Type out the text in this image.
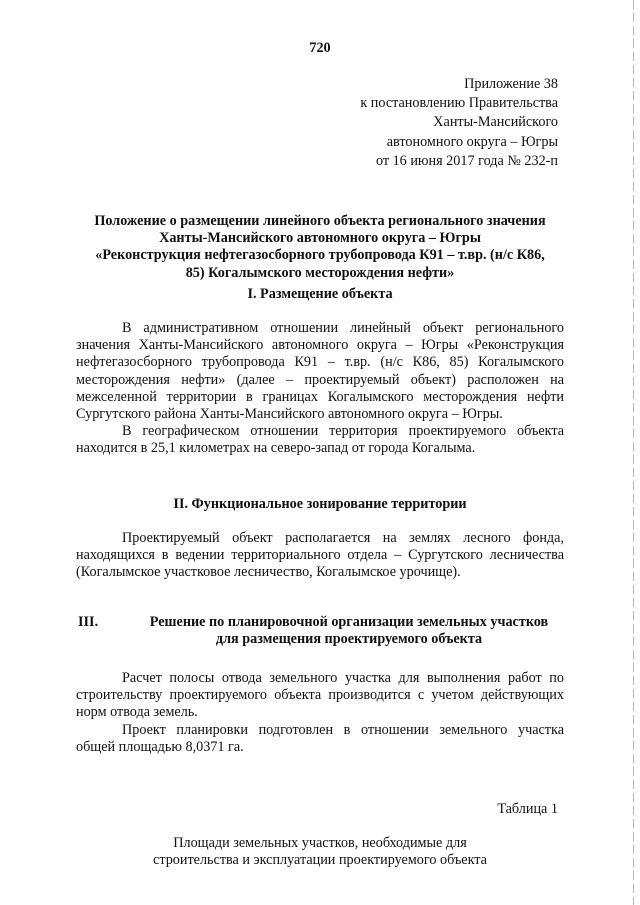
720
Приложение 38
к постановлению Правительства
Ханты-Мансийского
автономного округа – Югры
от 16 июня 2017 года № 232-п
Положение о размещении линейного объекта регионального значения
Ханты-Мансийского автономного округа – Югры
«Реконструкция нефтегазосборного трубопровода К91 – т.вр. (н/с К86,
85) Когалымского месторождения нефти»
I. Размещение объекта

В административном отношении линейный объект регионального значения Ханты-Мансийского автономного округа – Югры «Реконструкция нефтегазосборного трубопровода К91 – т.вр. (н/с К86, 85) Когалымского месторождения нефти» (далее – проектируемый объект) расположен на межселенной территории в границах Когалымского месторождения нефти Сургутского района Ханты-Мансийского автономного округа – Югры.

В географическом отношении территория проектируемого объекта находится в 25,1 километрах на северо-запад от города Когалыма.

II. Функциональное зонирование территории

Проектируемый объект располагается на землях лесного фонда, находящихся в ведении территориального отдела – Сургутского лесничества (Когалымское участковое лесничество, Когалымское урочище).

III.	Решение по планировочной организации земельных участков
для размещения проектируемого объекта

Расчет полосы отвода земельного участка для выполнения работ по строительству проектируемого объекта производится с учетом действующих норм отвода земель.

Проект планировки подготовлен в отношении земельного участка общей площадью 8,0371 га.

Таблица 1
Площади земельных участков, необходимые для
строительства и эксплуатации проектируемого объекта
